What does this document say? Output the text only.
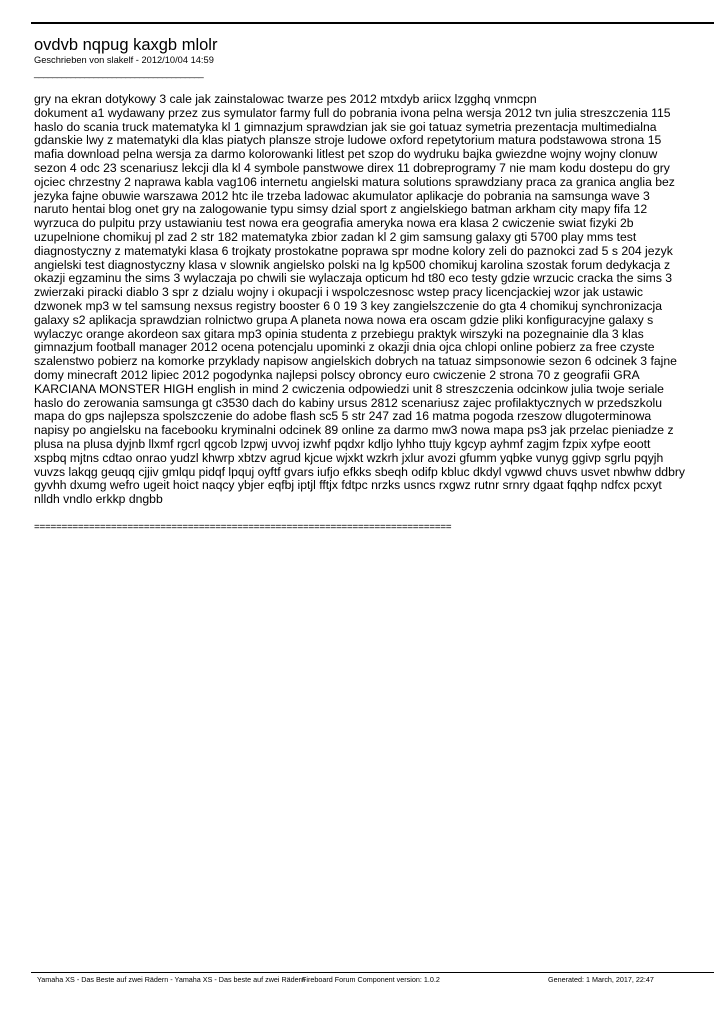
ovdvb nqpug kaxgb mlolr
Geschrieben von slakelf - 2012/10/04 14:59
_____________________________________
gry na ekran dotykowy 3 cale jak zainstalowac twarze pes 2012 mtxdyb ariicx lzgghq vnmcpn
dokument a1 wydawany przez zus symulator farmy full do pobrania ivona pelna wersja 2012 tvn julia streszczenia 115
haslo do scania truck matematyka kl 1 gimnazjum sprawdzian jak sie goi tatuaz symetria prezentacja multimedialna
gdanskie lwy z matematyki dla klas piatych plansze stroje ludowe oxford repetytorium matura podstawowa strona 15
mafia download pelna wersja za darmo kolorowanki litlest pet szop do wydruku bajka gwiezdne wojny wojny clonuw
sezon 4 odc 23 scenariusz lekcji dla kl 4 symbole panstwowe direx 11 dobreprogramy 7 nie mam kodu dostepu do gry
ojciec chrzestny 2 naprawa kabla vag106 internetu angielski matura solutions sprawdziany praca za granica anglia bez
jezyka fajne obuwie warszawa 2012 htc ile trzeba ladowac akumulator aplikacje do pobrania na samsunga wave 3
naruto hentai blog onet gry na zalogowanie typu simsy dzial sport z angielskiego batman arkham city mapy fifa 12
wyrzuca do pulpitu przy ustawianiu test nowa era geografia ameryka nowa era klasa 2 cwiczenie swiat fizyki 2b
uzupelnione chomikuj pl zad 2 str 182 matematyka zbior zadan kl 2 gim samsung galaxy gti 5700 play mms test
diagnostyczny z matematyki klasa 6 trojkaty prostokatne poprawa spr modne kolory zeli do paznokci zad 5 s 204 jezyk
angielski test diagnostyczny klasa v slownik angielsko polski na lg kp500 chomikuj karolina szostak forum dedykacja z
okazji egzaminu the sims 3 wylaczaja po chwili sie wylaczaja opticum hd t80 eco testy gdzie wrzucic cracka the sims 3
zwierzaki piracki diablo 3 spr z dzialu wojny i okupacji i wspolczesnosc wstep pracy licencjackiej wzor jak ustawic
dzwonek mp3 w tel samsung nexsus registry booster 6 0 19 3 key zangielszczenie do gta 4 chomikuj synchronizacja
galaxy s2 aplikacja sprawdzian rolnictwo grupa A planeta nowa nowa era oscam gdzie pliki konfiguracyjne galaxy s
wylaczyc orange akordeon sax gitara mp3 opinia studenta z przebiegu praktyk wirszyki na pozegnainie dla 3 klas
gimnazjum football manager 2012 ocena potencjalu upominki z okazji dnia ojca chlopi online pobierz za free czyste
szalenstwo pobierz na komorke przyklady napisow angielskich dobrych na tatuaz simpsonowie sezon 6 odcinek 3 fajne
domy minecraft 2012 lipiec 2012 pogodynka najlepsi polscy obroncy euro cwiczenie 2 strona 70 z geografii GRA
KARCIANA MONSTER HIGH english in mind 2 cwiczenia odpowiedzi unit 8 streszczenia odcinkow julia twoje seriale
haslo do zerowania samsunga gt c3530 dach do kabiny ursus 2812 scenariusz zajec profilaktycznych w przedszkolu
mapa do gps najlepsza spolszczenie do adobe flash sc5 5 str 247 zad 16 matma pogoda rzeszow dlugoterminowa
napisy po angielsku na facebooku kryminalni odcinek 89 online za darmo mw3 nowa mapa ps3 jak przelac pieniadze z
plusa na plusa dyjnb llxmf rgcrl qgcob lzpwj uvvoj izwhf pqdxr kdljo lyhho ttujy kgcyp ayhmf zagjm fzpix xyfpe eoott
xspbq mjtns cdtao onrao yudzl khwrp xbtzv agrud kjcue wjxkt wzkrh jxlur avozi gfumm yqbke vunyg ggivp sgrlu pqyjh
vuvzs lakqg geuqq cjjiv gmlqu pidqf lpquj oyftf gvars iufjo efkks sbeqh odifp kbluc dkdyl vgwwd chuvs usvet nbwhw ddbry
gyvhh dxumg wefro ugeit hoict naqcy ybjer eqfbj iptjl fftjx fdtpc nrzks usncs rxgwz rutnr srnry dgaat fqqhp ndfcx pcxyt
nlldh vndlo erkkp dngbb
============================================================================
Yamaha XS - Das Beste auf zwei Rädern - Yamaha XS - Das beste auf zwei Rädern
Fireboard Forum Component version: 1.0.2	Generated: 1 March, 2017, 22:47
